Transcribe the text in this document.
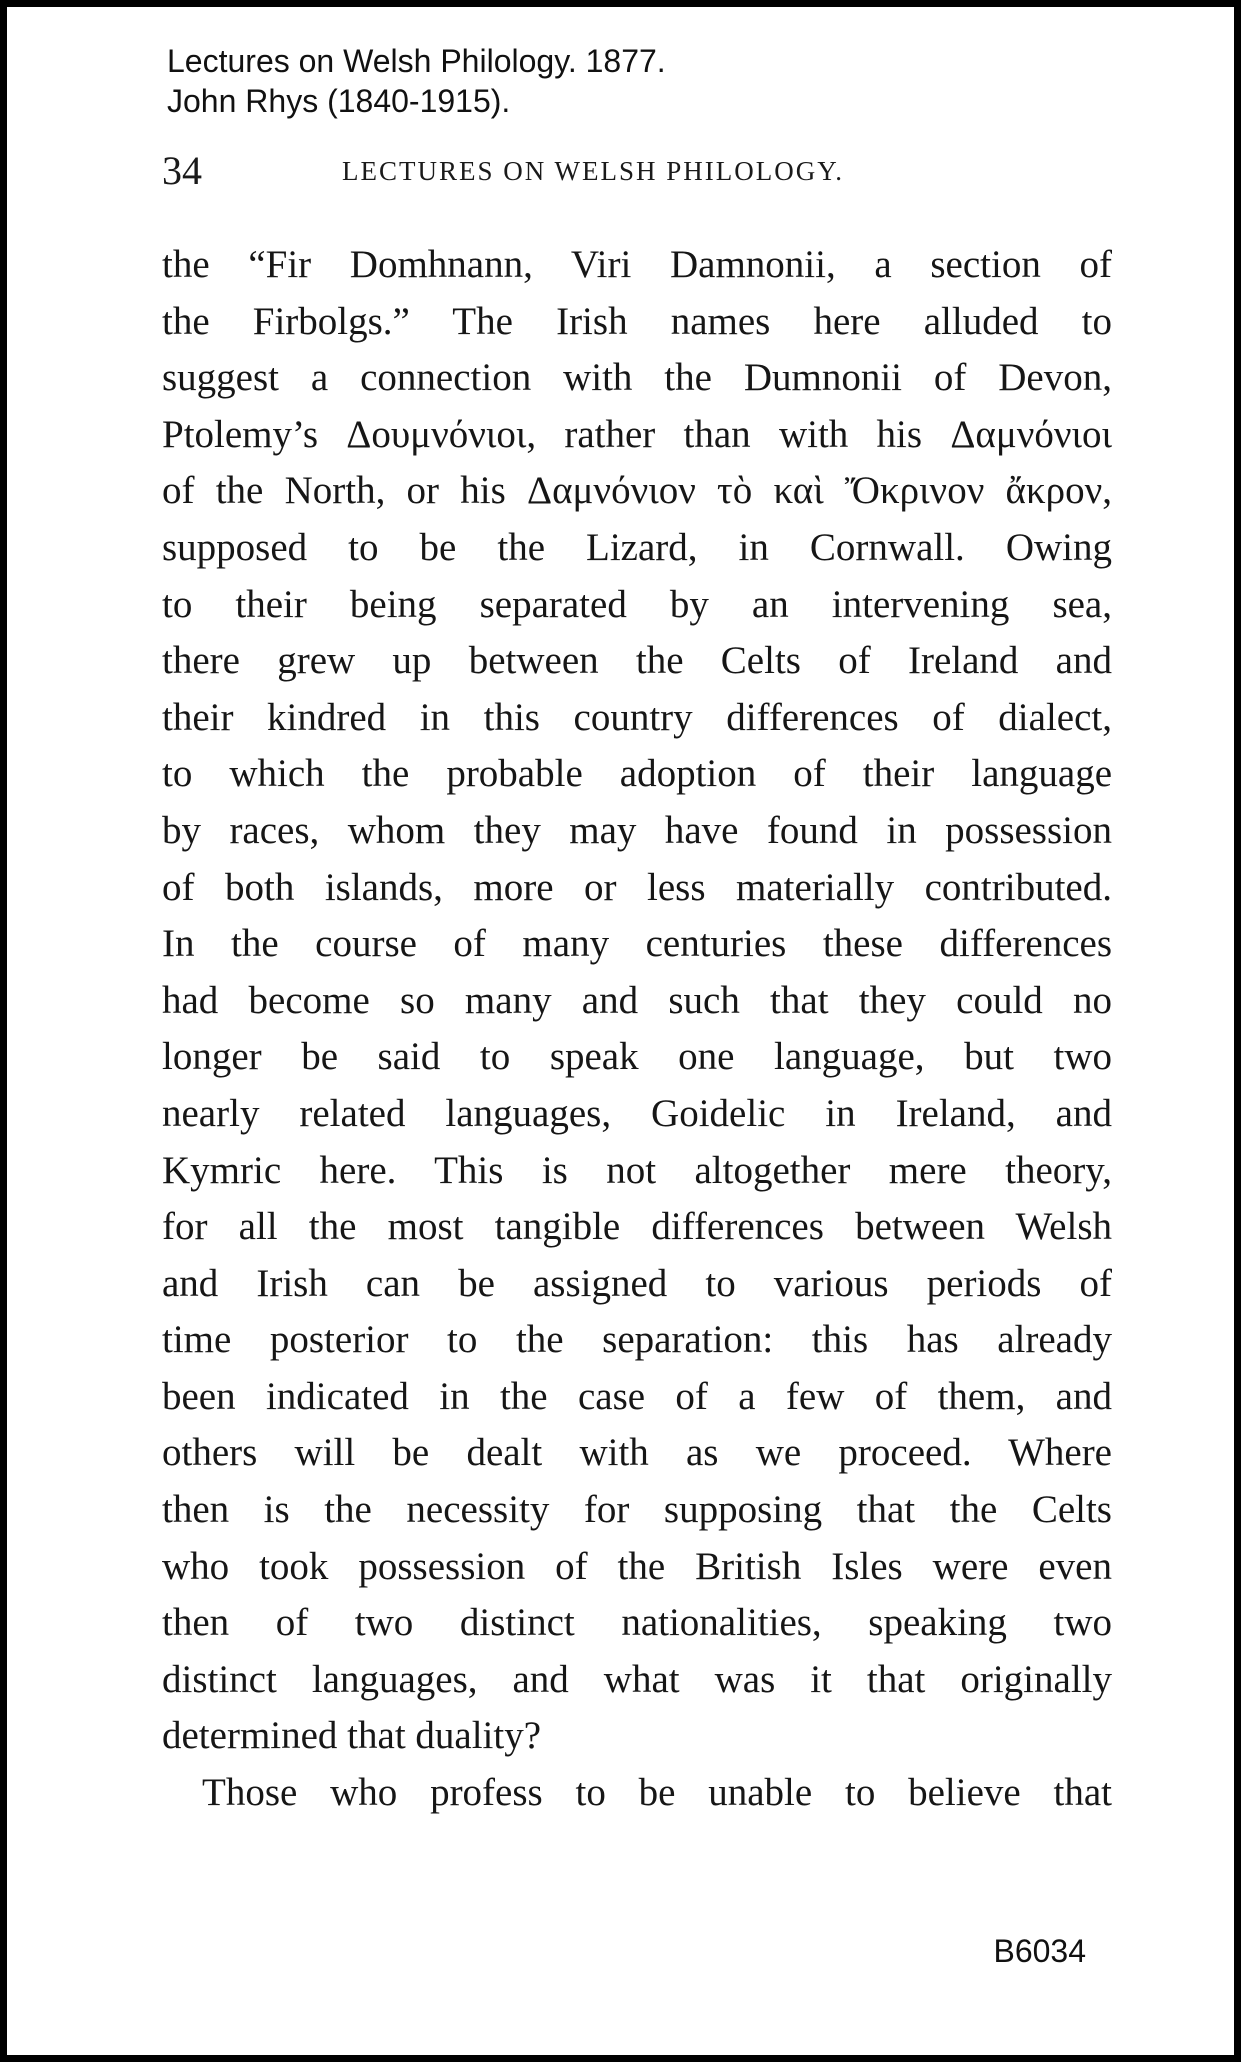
Lectures on Welsh Philology. 1877.
John Rhys (1840-1915).
34	LECTURES ON WELSH PHILOLOGY.
the “Fir Domhnann, Viri Damnonii, a section of
the Firbolgs.” The Irish names here alluded to
suggest a connection with the Dumnonii of Devon,
Ptolemy’s Δουμνόνιοι, rather than with his Δαμνόνιοι
of the North, or his Δαμνόνιον τὸ καὶ Ὄκρινον ἄκρον,
supposed to be the Lizard, in Cornwall. Owing
to their being separated by an intervening sea,
there grew up between the Celts of Ireland and
their kindred in this country differences of dialect,
to which the probable adoption of their language
by races, whom they may have found in possession
of both islands, more or less materially contributed.
In the course of many centuries these differences
had become so many and such that they could no
longer be said to speak one language, but two
nearly related languages, Goidelic in Ireland, and
Kymric here. This is not altogether mere theory,
for all the most tangible differences between Welsh
and Irish can be assigned to various periods of
time posterior to the separation: this has already
been indicated in the case of a few of them, and
others will be dealt with as we proceed. Where
then is the necessity for supposing that the Celts
who took possession of the British Isles were even
then of two distinct nationalities, speaking two
distinct languages, and what was it that originally
determined that duality?
Those who profess to be unable to believe that
B6034
